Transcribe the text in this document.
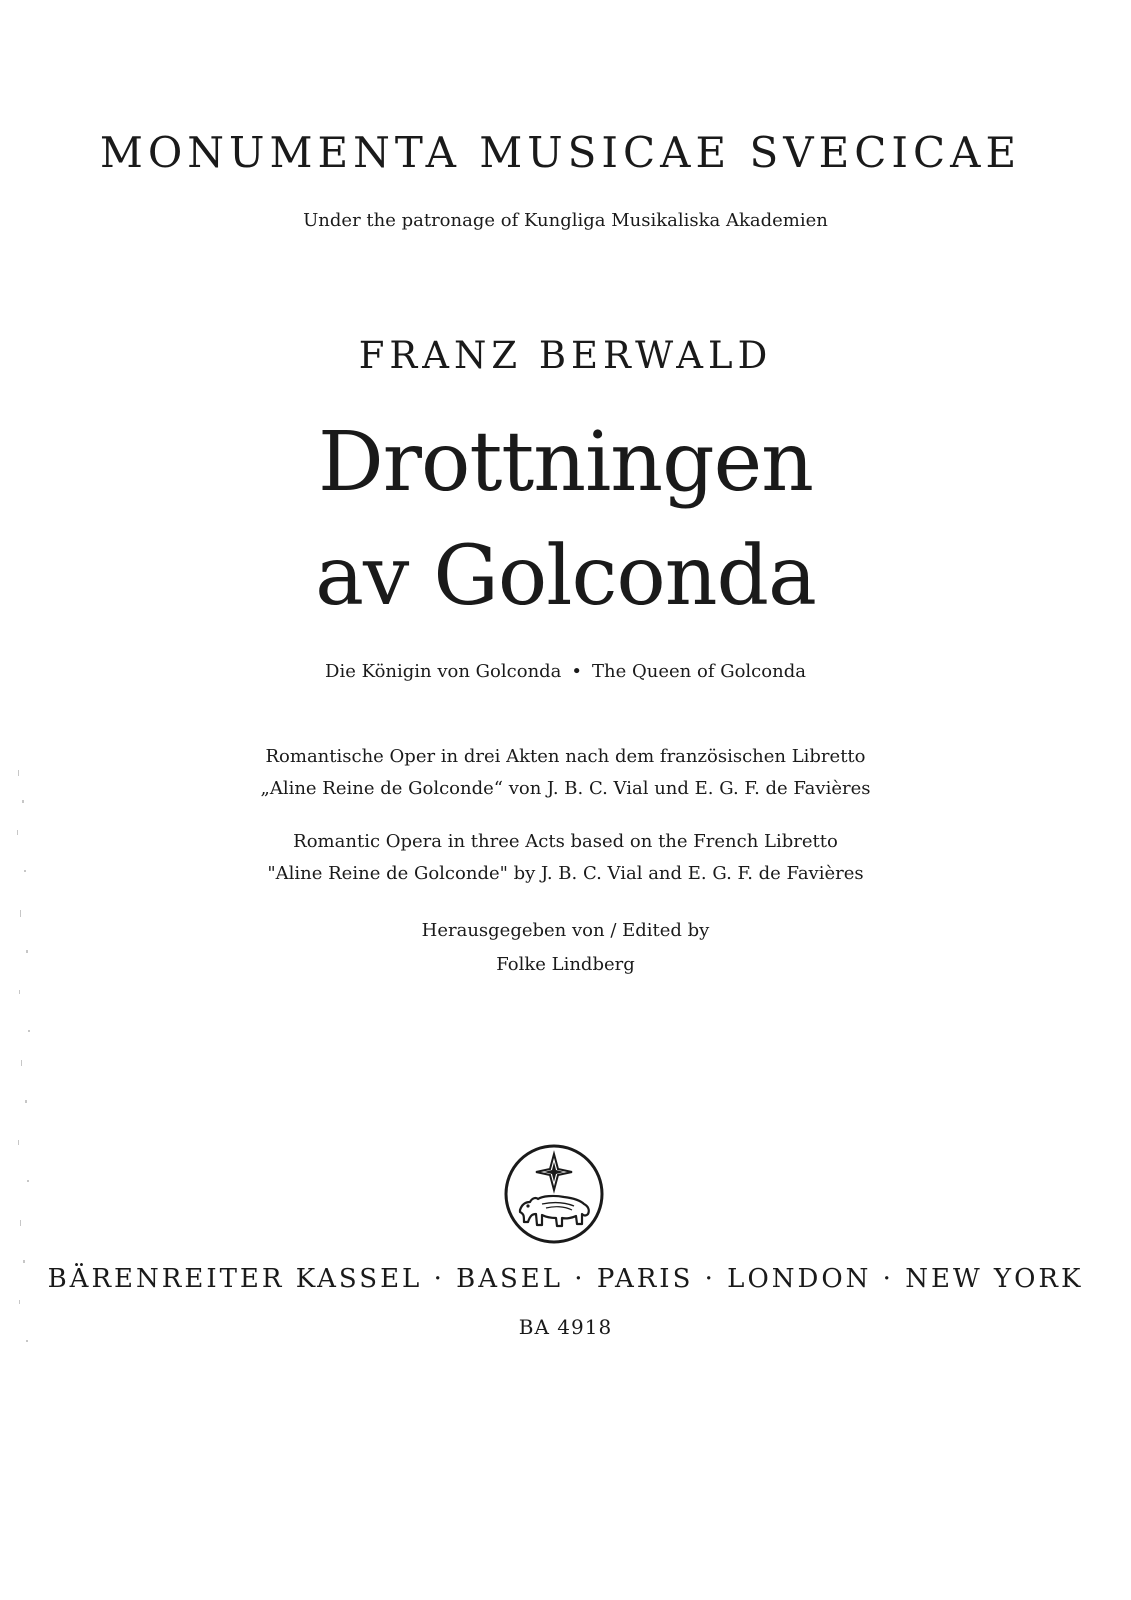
MONUMENTA MUSICAE SVECICAE
Under the patronage of Kungliga Musikaliska Akademien
FRANZ BERWALD
Drottningen
av Golconda
Die Königin von Golconda • The Queen of Golconda
Romantische Oper in drei Akten nach dem französischen Libretto
„Aline Reine de Golconde“ von J. B. C. Vial und E. G. F. de Favières
Romantic Opera in three Acts based on the French Libretto
"Aline Reine de Golconde" by J. B. C. Vial and E. G. F. de Favières
Herausgegeben von / Edited by
Folke Lindberg
BÄRENREITER KASSEL · BASEL · PARIS · LONDON · NEW YORK
BA 4918
